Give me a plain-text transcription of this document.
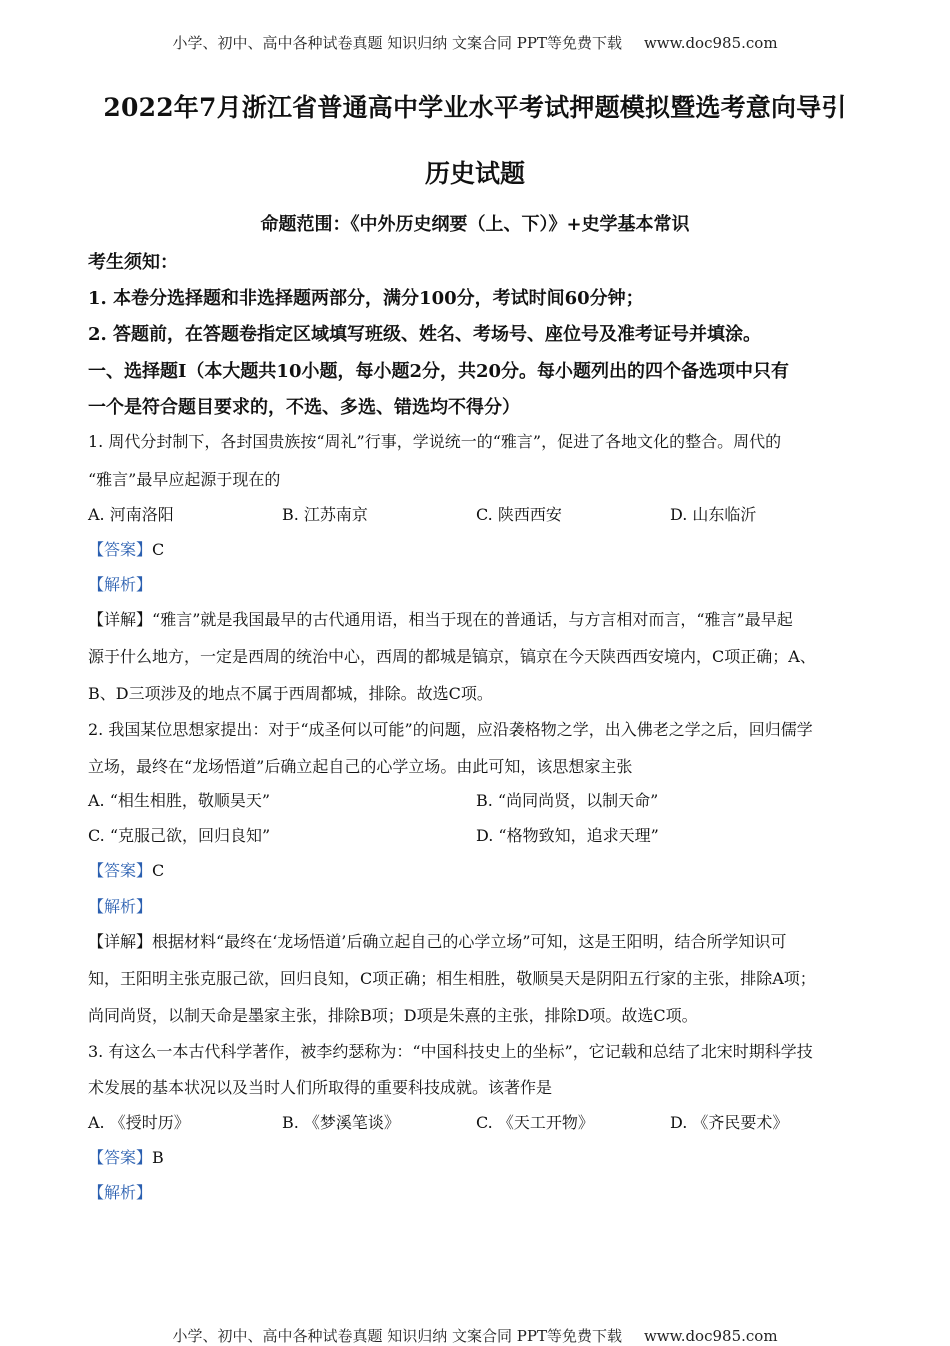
小学、初中、高中各种试卷真题 知识归纳 文案合同 PPT等免费下载 www.doc985.com
2022年7月浙江省普通高中学业水平考试押题模拟暨选考意向导引
历史试题
命题范围：《中外历史纲要（上、下）》+史学基本常识
考生须知：
1. 本卷分选择题和非选择题两部分，满分100分，考试时间60分钟；
2. 答题前，在答题卷指定区域填写班级、姓名、考场号、座位号及准考证号并填涂。
一、选择题Ⅰ（本大题共10小题，每小题2分，共20分。每小题列出的四个备选项中只有
一个是符合题目要求的，不选、多选、错选均不得分）
1. 周代分封制下，各封国贵族按“周礼”行事，学说统一的“雅言”，促进了各地文化的整合。周代的
“雅言”最早应起源于现在的
A. 河南洛阳	B. 江苏南京	C. 陕西西安	D. 山东临沂
【答案】C
【解析】
【详解】“雅言”就是我国最早的古代通用语，相当于现在的普通话，与方言相对而言，“雅言”最早起
源于什么地方，一定是西周的统治中心，西周的都城是镐京，镐京在今天陕西西安境内，C项正确；A、
B、D三项涉及的地点不属于西周都城，排除。故选C项。
2. 我国某位思想家提出：对于“成圣何以可能”的问题，应沿袭格物之学，出入佛老之学之后，回归儒学
立场，最终在“龙场悟道”后确立起自己的心学立场。由此可知，该思想家主张
A. “相生相胜，敬顺昊天”	B. “尚同尚贤，以制天命”
C. “克服己欲，回归良知”	D. “格物致知，追求天理”
【答案】C
【解析】
【详解】根据材料“最终在‘龙场悟道’后确立起自己的心学立场”可知，这是王阳明，结合所学知识可
知，王阳明主张克服己欲，回归良知，C项正确；相生相胜，敬顺昊天是阴阳五行家的主张，排除A项；
尚同尚贤，以制天命是墨家主张，排除B项；D项是朱熹的主张，排除D项。故选C项。
3. 有这么一本古代科学著作，被李约瑟称为：“中国科技史上的坐标”，它记载和总结了北宋时期科学技
术发展的基本状况以及当时人们所取得的重要科技成就。该著作是
A. 《授时历》	B. 《梦溪笔谈》	C. 《天工开物》	D. 《齐民要术》
【答案】B
【解析】
小学、初中、高中各种试卷真题 知识归纳 文案合同 PPT等免费下载 www.doc985.com
